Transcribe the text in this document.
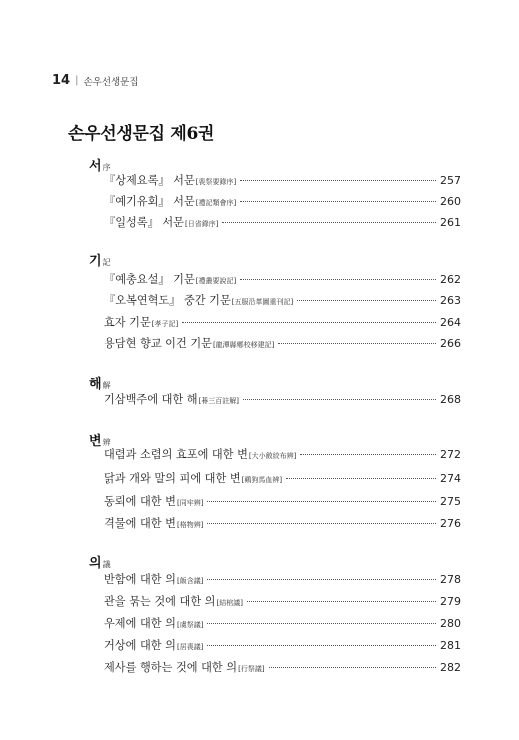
14 | 손우선생문집
손우선생문집 제6권
서 序
『상제요록』 서문[喪祭要錄序]	257
『예기유회』 서문[禮記類會序]	260
『일성록』 서문[日省錄序]	261
기 記
『예총요설』 기문[禮叢要說記]	262
『오복연혁도』 중간 기문[五服沿革圖重刊記]	263
효자 기문[孝子記]	264
용담현 향교 이건 기문[龍潭縣鄕校移建記]	266
해 解
기삼백주에 대한 해[朞三百註解]	268
변 辨
대렴과 소렴의 효포에 대한 변[大小斂絞布辨]	272
닭과 개와 말의 피에 대한 변[鷄狗馬血辨]	274
동뢰에 대한 변[同牢辨]	275
격물에 대한 변[格物辨]	276
의 議
반함에 대한 의[飯含議]	278
관을 묶는 것에 대한 의[結棺議]	279
우제에 대한 의[虞祭議]	280
거상에 대한 의[居喪議]	281
제사를 행하는 것에 대한 의[行祭議]	282
